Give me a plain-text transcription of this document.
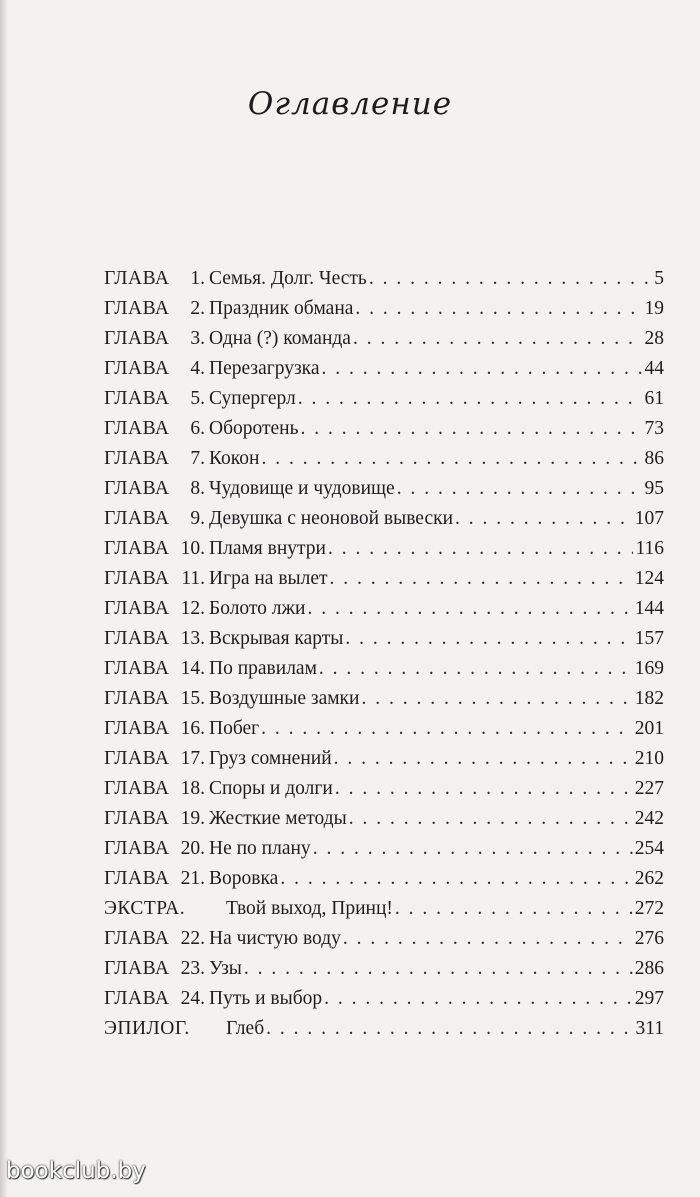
Оглавление
ГЛАВА	1. Семья. Долг. Честь . . .	5
ГЛАВА	2. Праздник обмана . . .	19
ГЛАВА	3. Одна (?) команда . . .	28
ГЛАВА	4. Перезагрузка . . .	44
ГЛАВА	5. Супергерл . . .	61
ГЛАВА	6. Оборотень . . .	73
ГЛАВА	7. Кокон . . .	86
ГЛАВА	8. Чудовище и чудовище . . .	95
ГЛАВА	9. Девушка с неоновой вывески . . .	107
ГЛАВА 10. Пламя внутри . . .	116
ГЛАВА 11. Игра на вылет . . .	124
ГЛАВА 12. Болото лжи . . .	144
ГЛАВА 13. Вскрывая карты . . .	157
ГЛАВА 14. По правилам . . .	169
ГЛАВА 15. Воздушные замки . . .	182
ГЛАВА 16. Побег . . .	201
ГЛАВА 17. Груз сомнений . . .	210
ГЛАВА 18. Споры и долги . . .	227
ГЛАВА 19. Жесткие методы . . .	242
ГЛАВА 20. Не по плану . . .	254
ГЛАВА 21. Воровка . . .	262
ЭКСТРА.	Твой выход, Принц! . . .	272
ГЛАВА 22. На чистую воду . . .	276
ГЛАВА 23. Узы . . .	286
ГЛАВА 24. Путь и выбор . . .	297
ЭПИЛОГ.	Глеб . . .	311
bookclub.by
